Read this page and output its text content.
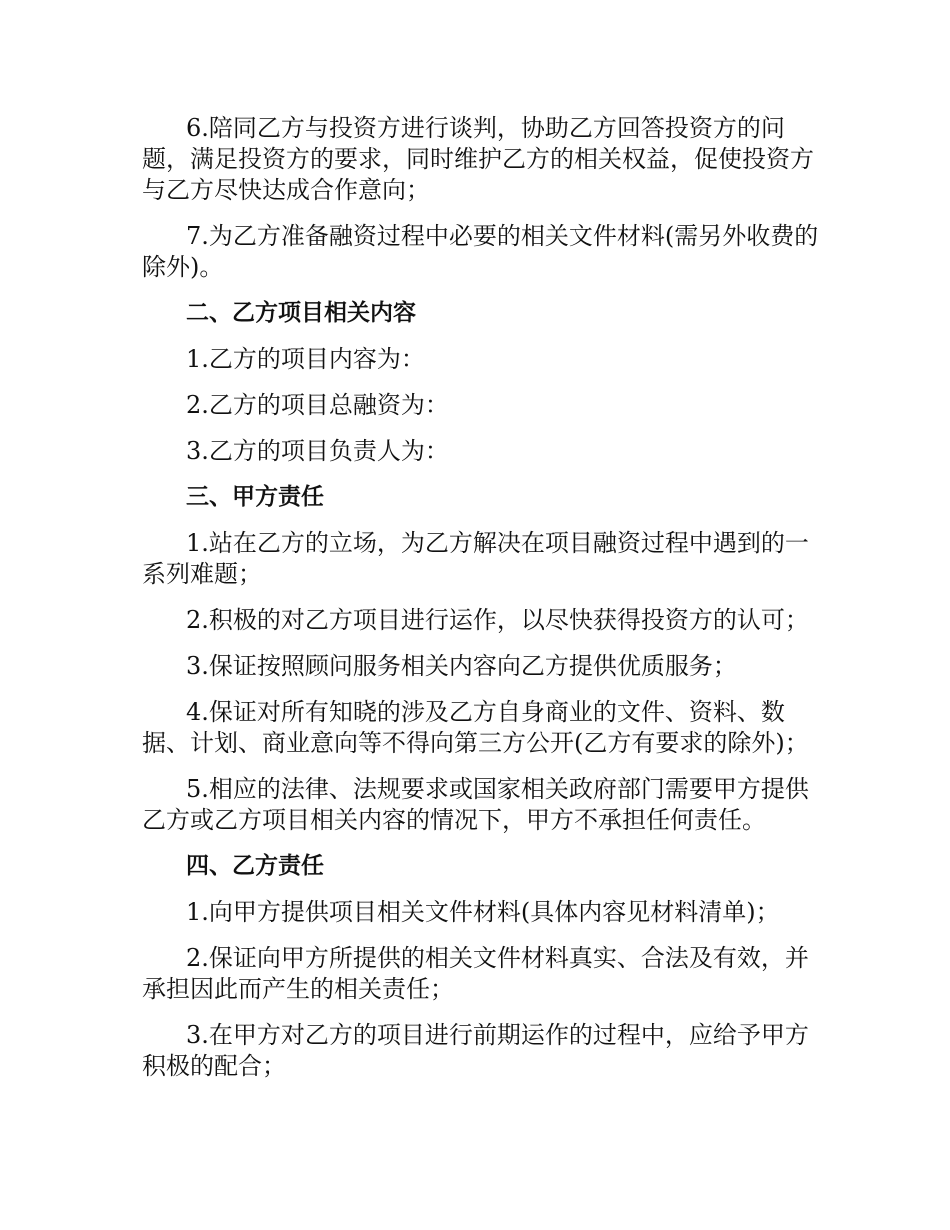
6.陪同乙方与投资方进行谈判，协助乙方回答投资方的问题，满足投资方的要求，同时维护乙方的相关权益，促使投资方与乙方尽快达成合作意向；

7.为乙方准备融资过程中必要的相关文件材料(需另外收费的除外)。

二、乙方项目相关内容

1.乙方的项目内容为：

2.乙方的项目总融资为：

3.乙方的项目负责人为：

三、甲方责任

1.站在乙方的立场，为乙方解决在项目融资过程中遇到的一系列难题；

2.积极的对乙方项目进行运作，以尽快获得投资方的认可；

3.保证按照顾问服务相关内容向乙方提供优质服务；

4.保证对所有知晓的涉及乙方自身商业的文件、资料、数据、计划、商业意向等不得向第三方公开(乙方有要求的除外)；

5.相应的法律、法规要求或国家相关政府部门需要甲方提供乙方或乙方项目相关内容的情况下，甲方不承担任何责任。

四、乙方责任

1.向甲方提供项目相关文件材料(具体内容见材料清单)；

2.保证向甲方所提供的相关文件材料真实、合法及有效，并承担因此而产生的相关责任；

3.在甲方对乙方的项目进行前期运作的过程中，应给予甲方积极的配合；
